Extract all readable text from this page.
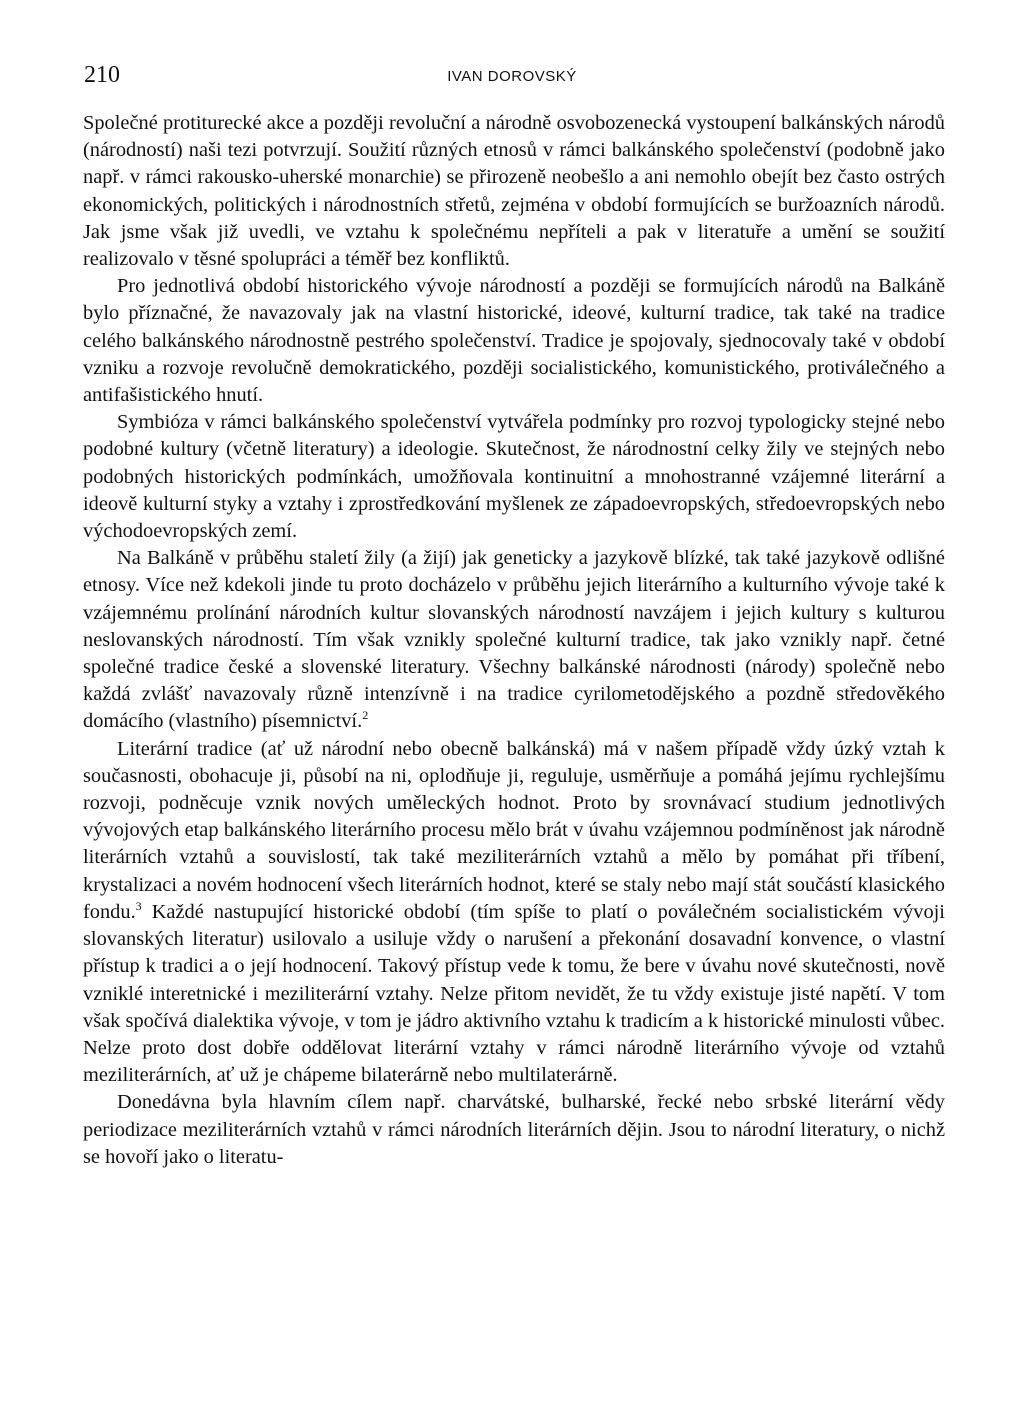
210	IVAN DOROVSKÝ

Společné protiturecké akce a později revoluční a národně osvobozenecká vystoupení balkánských národů (národností) naši tezi potvrzují. Soužití různých etnosů v rámci balkánského společenství (podobně jako např. v rámci rakousko-uherské monarchie) se přirozeně neobešlo a ani nemohlo obejít bez často ostrých ekonomických, politických i národnostních střetů, zejména v období formujících se buržoazních národů. Jak jsme však již uvedli, ve vztahu k společnému nepříteli a pak v literatuře a umění se soužití realizovalo v těsné spolupráci a téměř bez konfliktů.

Pro jednotlivá období historického vývoje národností a později se formujících národů na Balkáně bylo příznačné, že navazovaly jak na vlastní historické, ideové, kulturní tradice, tak také na tradice celého balkánského národnostně pestrého společenství. Tradice je spojovaly, sjednocovaly také v období vzniku a rozvoje revolučně demokratického, později socialistického, komunistického, protiválečného a antifašistického hnutí.

Symbióza v rámci balkánského společenství vytvářela podmínky pro rozvoj typologicky stejné nebo podobné kultury (včetně literatury) a ideologie. Skutečnost, že národnostní celky žily ve stejných nebo podobných historických podmínkách, umožňovala kontinuitní a mnohostranné vzájemné literární a ideově kulturní styky a vztahy i zprostředkování myšlenek ze západoevropských, středoevropských nebo východoevropských zemí.

Na Balkáně v průběhu staletí žily (a žijí) jak geneticky a jazykově blízké, tak také jazykově odlišné etnosy. Více než kdekoli jinde tu proto docházelo v průběhu jejich literárního a kulturního vývoje také k vzájemnému prolínání národních kultur slovanských národností navzájem i jejich kultury s kulturou neslovanských národností. Tím však vznikly společné kulturní tradice, tak jako vznikly např. četné společné tradice české a slovenské literatury. Všechny balkánské národnosti (národy) společně nebo každá zvlášť navazovaly různě intenzívně i na tradice cyrilometodějského a pozdně středověkého domácího (vlastního) písemnictví.$^2$

Literární tradice (ať už národní nebo obecně balkánská) má v našem případě vždy úzký vztah k současnosti, obohacuje ji, působí na ni, oplodňuje ji, reguluje, usměrňuje a pomáhá jejímu rychlejšímu rozvoji, podněcuje vznik nových uměleckých hodnot. Proto by srovnávací studium jednotlivých vývojových etap balkánského literárního procesu mělo brát v úvahu vzájemnou podmíněnost jak národně literárních vztahů a souvislostí, tak také meziliterárních vztahů a mělo by pomáhat při tříbení, krystalizaci a novém hodnocení všech literárních hodnot, které se staly nebo mají stát součástí klasického fondu.$^3$ Každé nastupující historické období (tím spíše to platí o poválečném socialistickém vývoji slovanských literatur) usilovalo a usiluje vždy o narušení a překonání dosavadní konvence, o vlastní přístup k tradici a o její hodnocení. Takový přístup vede k tomu, že bere v úvahu nové skutečnosti, nově vzniklé interetnické i meziliterární vztahy. Nelze přitom nevidět, že tu vždy existuje jisté napětí. V tom však spočívá dialektika vývoje, v tom je jádro aktivního vztahu k tradicím a k historické minulosti vůbec. Nelze proto dost dobře oddělovat literární vztahy v rámci národně literárního vývoje od vztahů meziliterárních, ať už je chápeme bilaterárně nebo multilaterárně.

Donedávna byla hlavním cílem např. charvátské, bulharské, řecké nebo srbské literární vědy periodizace meziliterárních vztahů v rámci národních literárních dějin. Jsou to národní literatury, o nichž se hovoří jako o literatu-
